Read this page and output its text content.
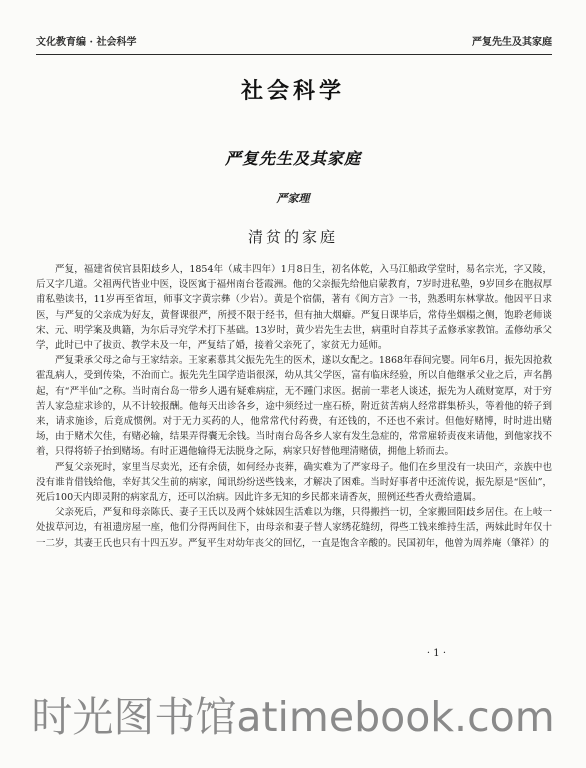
文化教育编 · 社会科学	严复先生及其家庭
社会科学
严复先生及其家庭
严家理
清贫的家庭

严复，福建省侯官县阳歧乡人，1854年（咸丰四年）1月8日生，初名体乾，入马江船政学堂时，易名宗光，字又陵，后又字几道。父祖两代皆业中医，设医寓于福州南台苍霞洲。他的父亲振先给他启蒙教育，7岁时进私塾，9岁回乡在胞叔厚甫私塾读书，11岁再至省垣，师事文字黄宗彝（少岩）。黄是个宿儒，著有《闽方言》一书，熟悉明东林掌故。他因平日求医，与严复的父亲成为好友，黄督课很严，所授不限于经书，但有抽大烟癖。严复日课毕后，常侍坐烟榻之侧，饱聆老师谈宋、元、明学案及典籍，为尔后寻究学术打下基础。13岁时，黄少岩先生去世，病重时自荐其子孟修承家教馆。孟修幼承父学，此时已中了拔贡、教学未及一年，严复结了婚，接着父亲死了，家贫无力延师。

严复秉承父母之命与王家结亲。王家素慕其父振先先生的医术，遂以女配之。1868年春间完婴。同年6月，振先因抢救霍乱病人，受到传染，不治而亡。振先先生国学造诣很深，幼从其父学医，富有临床经验，所以自他继承父业之后，声名鹊起，有“严半仙”之称。当时南台岛一带乡人遇有疑难病症，无不踵门求医。据前一辈老人谈述，振先为人疏财宽厚，对于穷苦人家急症求诊的，从不计较报酬。他每天出诊各乡，途中须经过一座石桥，附近贫苦病人经常群集桥头，等着他的轿子到来，请求施诊，后竟成惯例。对于无力买药的人，他常常代付药费，有还钱的，不还也不索讨。但他好赌博，时时进出赌场，由于赌术欠佳，有赌必输，结果弄得囊无余钱。当时南台岛各乡人家有发生急症的，常常雇轿责夜来请他，到他家找不着，只得将轿子抬到赌场。有时正遇他输得无法脱身之际，病家只好替他理清赌债，拥他上轿而去。

严复父亲死时，家里当尽卖光，还有余债，如何经办丧葬，确实难为了严家母子。他们在乡里没有一块田产，亲族中也没有谁肯借钱给他，幸好其父生前的病家，闻讯纷纷送些钱来，才解决了困难。当时好事者中还流传说，振先原是“医仙”，死后100天内即灵附的病家乱方，还可以治病。因此许多无知的乡民都来请香灰，照例还些香火费给遗属。

父亲死后，严复和母亲陈氏、妻子王氏以及两个妹妹因生活难以为继，只得搬挡一切，全家搬回阳歧乡居住。在上岐一处拔草河边，有祖遗房屋一座，他们分得两间住下，由母亲和妻子替人家绣花缝纫，得些工钱来维持生活，两妹此时年仅十一二岁，其妻王氏也只有十四五岁。严复平生对幼年丧父的回忆，一直是饱含辛酸的。民国初年，他曾为周养庵（肇祥）的

· 1 ·
时光图书馆atimebook.com
